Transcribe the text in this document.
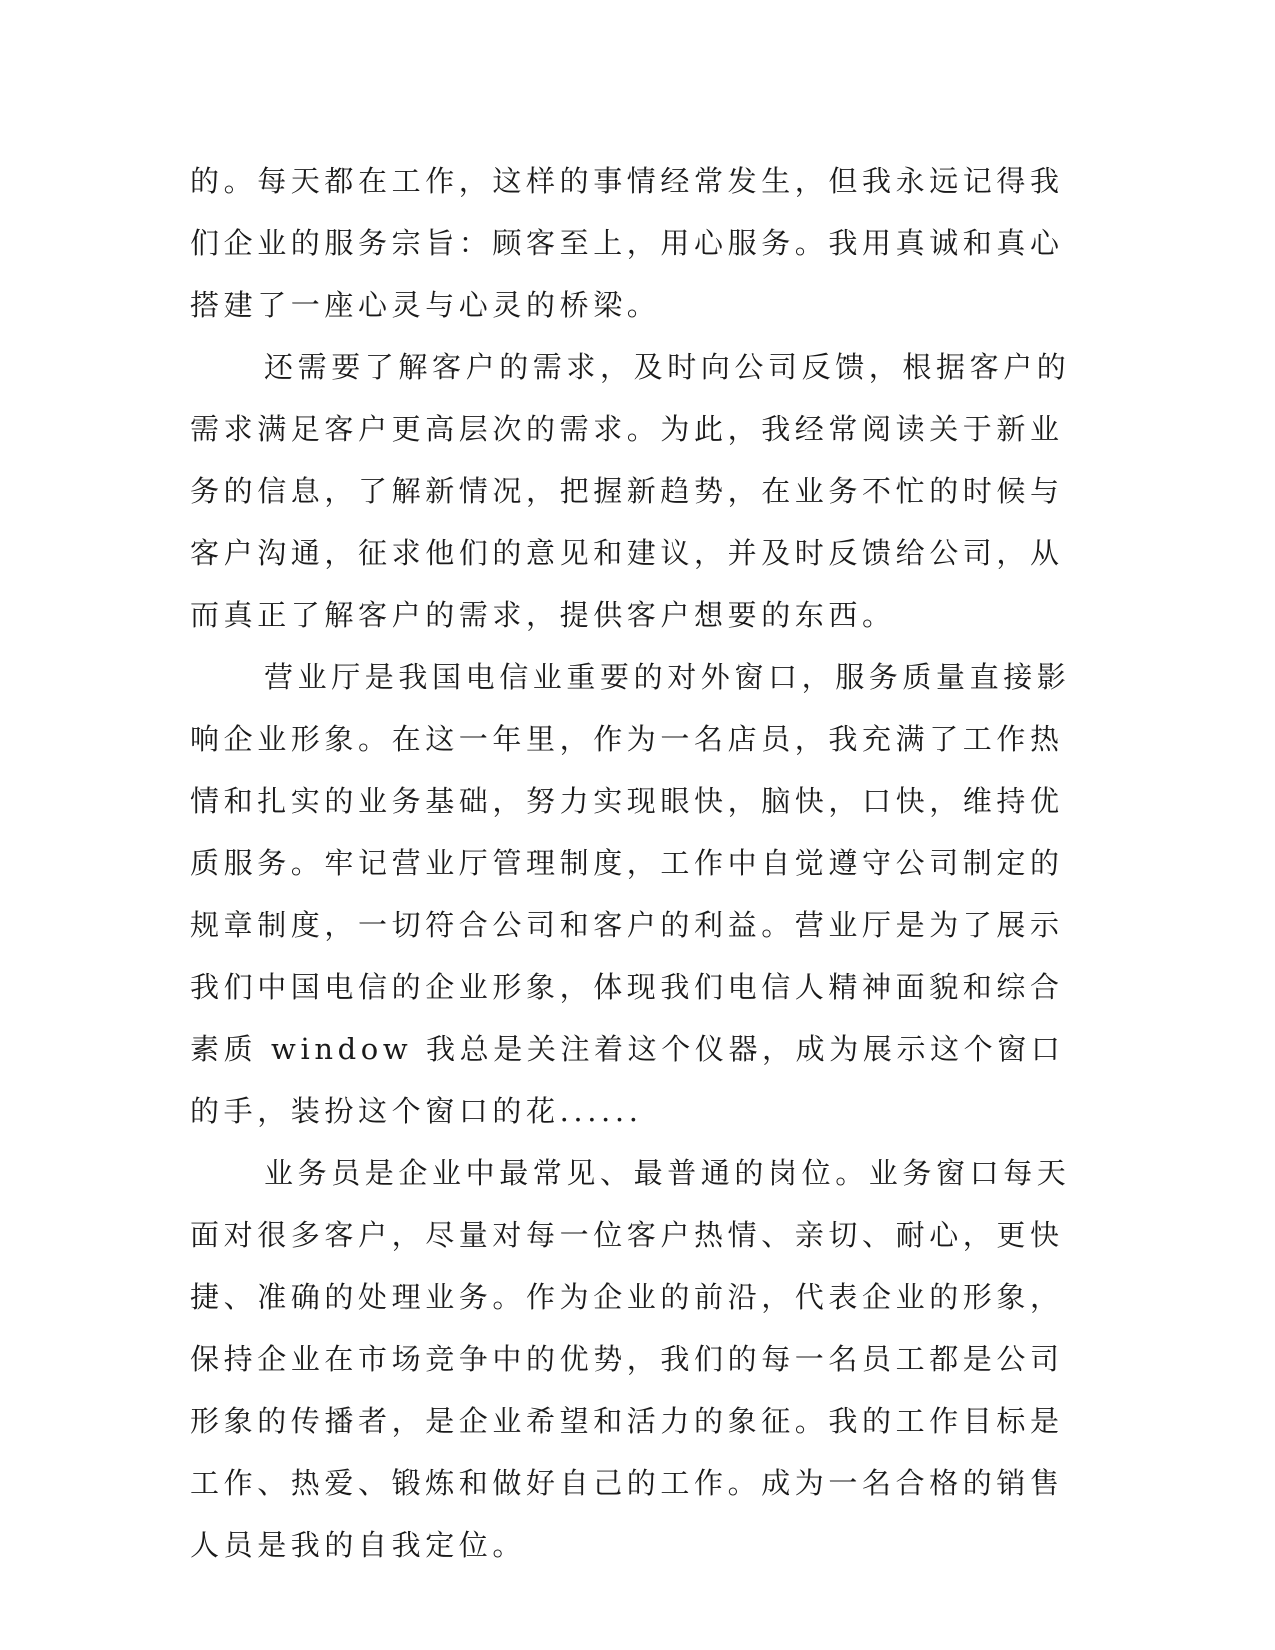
的。每天都在工作，这样的事情经常发生，但我永远记得我们企业的服务宗旨：顾客至上，用心服务。我用真诚和真心搭建了一座心灵与心灵的桥梁。

还需要了解客户的需求，及时向公司反馈，根据客户的需求满足客户更高层次的需求。为此，我经常阅读关于新业务的信息，了解新情况，把握新趋势，在业务不忙的时候与客户沟通，征求他们的意见和建议，并及时反馈给公司，从而真正了解客户的需求，提供客户想要的东西。

营业厅是我国电信业重要的对外窗口，服务质量直接影响企业形象。在这一年里，作为一名店员，我充满了工作热情和扎实的业务基础，努力实现眼快，脑快，口快，维持优质服务。牢记营业厅管理制度，工作中自觉遵守公司制定的规章制度，一切符合公司和客户的利益。营业厅是为了展示我们中国电信的企业形象，体现我们电信人精神面貌和综合素质 window 我总是关注着这个仪器，成为展示这个窗口的手，装扮这个窗口的花......

业务员是企业中最常见、最普通的岗位。业务窗口每天面对很多客户，尽量对每一位客户热情、亲切、耐心，更快捷、准确的处理业务。作为企业的前沿，代表企业的形象，保持企业在市场竞争中的优势，我们的每一名员工都是公司形象的传播者，是企业希望和活力的象征。我的工作目标是工作、热爱、锻炼和做好自己的工作。成为一名合格的销售人员是我的自我定位。
